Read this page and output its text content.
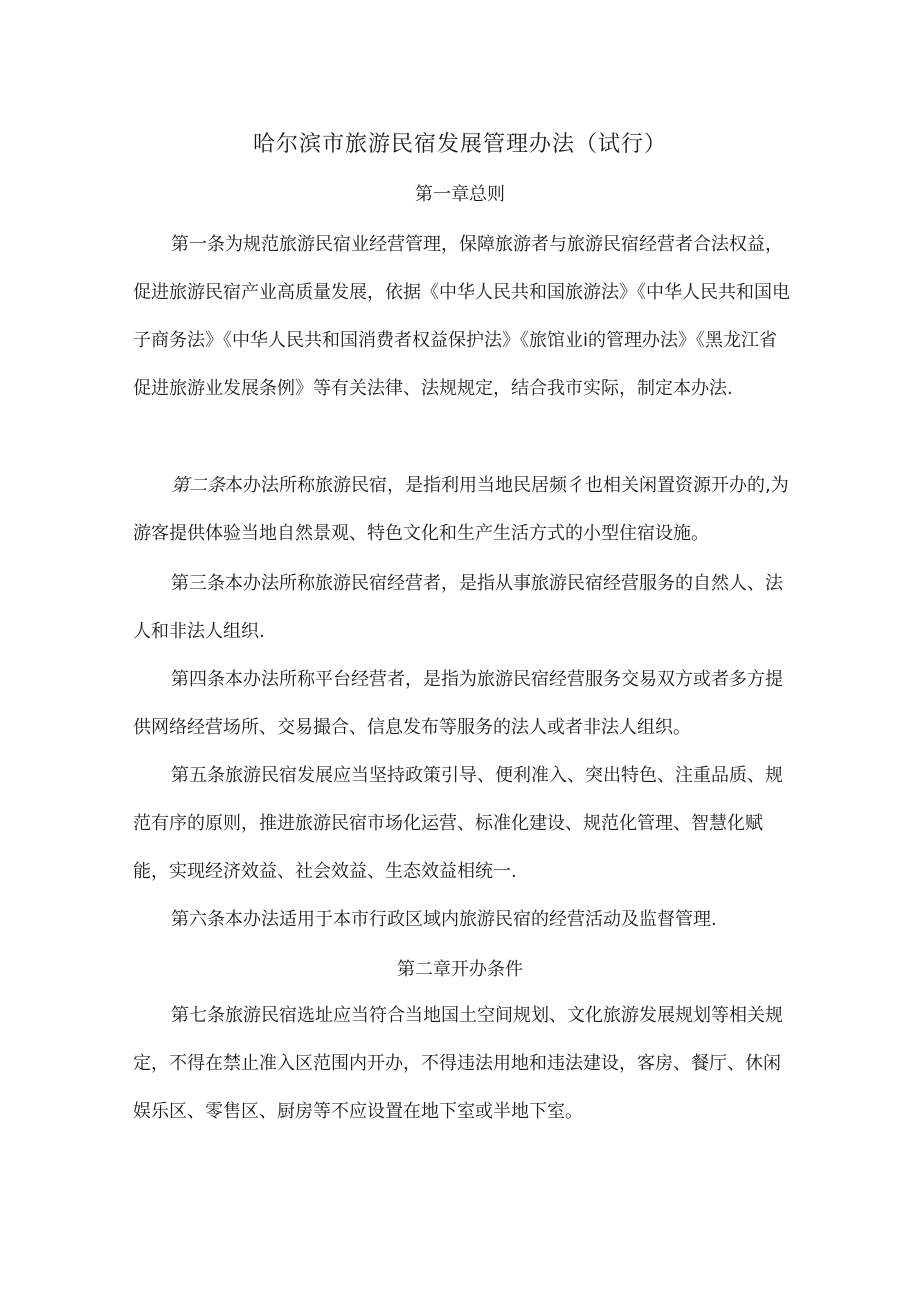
哈尔滨市旅游民宿发展管理办法（试行）
第一章总则

第一条为规范旅游民宿业经营管理，保障旅游者与旅游民宿经营者合法权益，促进旅游民宿产业高质量发展，依据《中华人民共和国旅游法》《中华人民共和国电子商务法》《中华人民共和国消费者权益保护法》《旅馆业i的管理办法》《黑龙江省促进旅游业发展条例》等有关法律、法规规定，结合我市实际，制定本办法.

第二条本办法所称旅游民宿，是指利用当地民居频彳也相关闲置资源开办的,为游客提供体验当地自然景观、特色文化和生产生活方式的小型住宿设施。

第三条本办法所称旅游民宿经营者，是指从事旅游民宿经营服务的自然人、法人和非法人组织.

第四条本办法所称平台经营者，是指为旅游民宿经营服务交易双方或者多方提供网络经营场所、交易撮合、信息发布等服务的法人或者非法人组织。

第五条旅游民宿发展应当坚持政策引导、便利准入、突出特色、注重品质、规范有序的原则，推进旅游民宿市场化运营、标准化建设、规范化管理、智慧化赋能，实现经济效益、社会效益、生态效益相统一.

第六条本办法适用于本市行政区域内旅游民宿的经营活动及监督管理.

第二章开办条件

第七条旅游民宿选址应当符合当地国土空间规划、文化旅游发展规划等相关规定，不得在禁止准入区范围内开办，不得违法用地和违法建设，客房、餐厅、休闲娱乐区、零售区、厨房等不应设置在地下室或半地下室。
